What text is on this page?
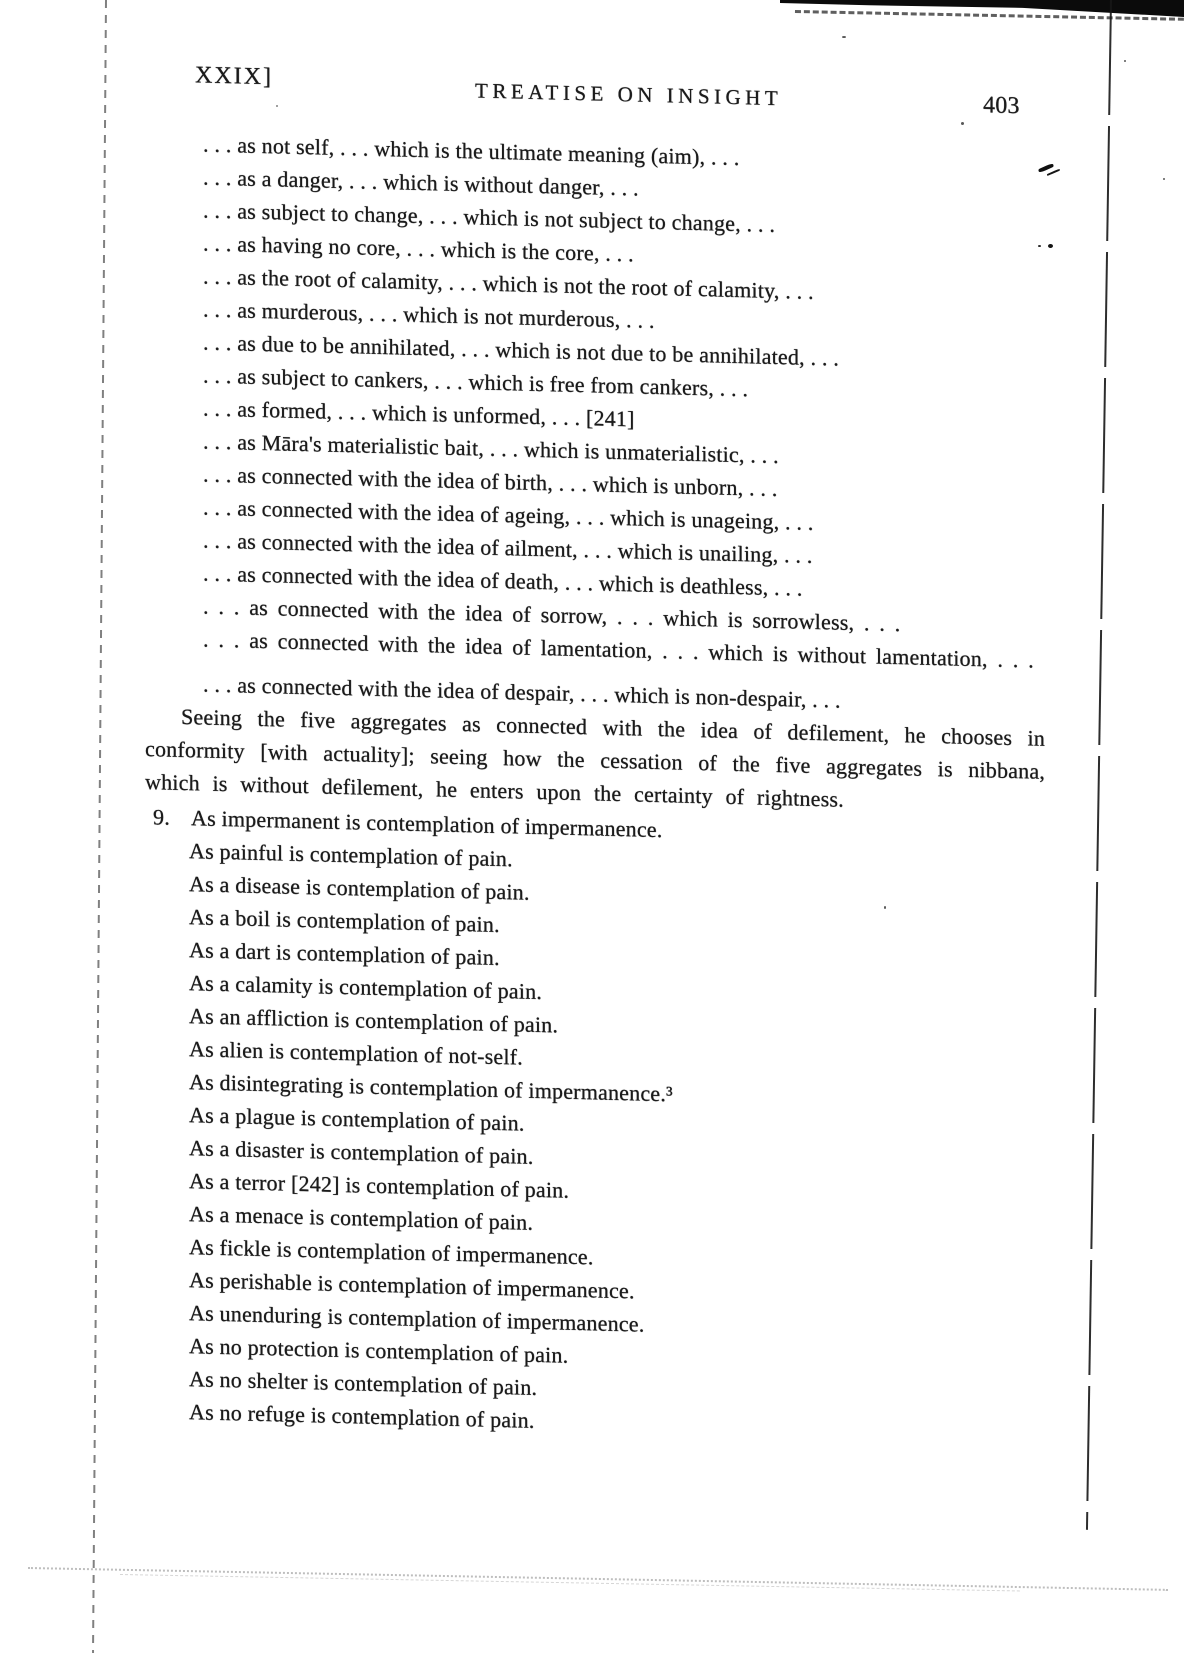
XXIX]
TREATISE ON INSIGHT	403

. . . as not self, . . . which is the ultimate meaning (aim), . . .

. . . as a danger, . . . which is without danger, . . .

. . . as subject to change, . . . which is not subject to change, . . .

. . . as having no core, . . . which is the core, . . .

. . . as the root of calamity, . . . which is not the root of calamity, . . .

. . . as murderous, . . . which is not murderous, . . .

. . . as due to be annihilated, . . . which is not due to be annihilated, . . .

. . . as subject to cankers, . . . which is free from cankers, . . .

. . . as formed, . . . which is unformed, . . . [241]

. . . as Māra's materialistic bait, . . . which is unmaterialistic, . . .

. . . as connected with the idea of birth, . . . which is unborn, . . .

. . . as connected with the idea of ageing, . . . which is unageing, . . .

. . . as connected with the idea of ailment, . . . which is unailing, . . .

. . . as connected with the idea of death, . . . which is deathless, . . .

. . . as connected with the idea of sorrow, . . . which is sorrowless, . . .

. . . as connected with the idea of lamentation, . . . which is without lamentation, . . .

. . . as connected with the idea of despair, . . . which is non-despair, . . .

Seeing the five aggregates as connected with the idea of defilement, he chooses in conformity [with actuality]; seeing how the cessation of the five aggregates is nibbana, which is without defilement, he enters upon the certainty of rightness.

9. As impermanent is contemplation of impermanence.

As painful is contemplation of pain.

As a disease is contemplation of pain.

As a boil is contemplation of pain.

As a dart is contemplation of pain.

As a calamity is contemplation of pain.

As an affliction is contemplation of pain.

As alien is contemplation of not-self.

As disintegrating is contemplation of impermanence.³

As a plague is contemplation of pain.

As a disaster is contemplation of pain.

As a terror [242] is contemplation of pain.

As a menace is contemplation of pain.

As fickle is contemplation of impermanence.

As perishable is contemplation of impermanence.

As unenduring is contemplation of impermanence.

As no protection is contemplation of pain.

As no shelter is contemplation of pain.

As no refuge is contemplation of pain.
